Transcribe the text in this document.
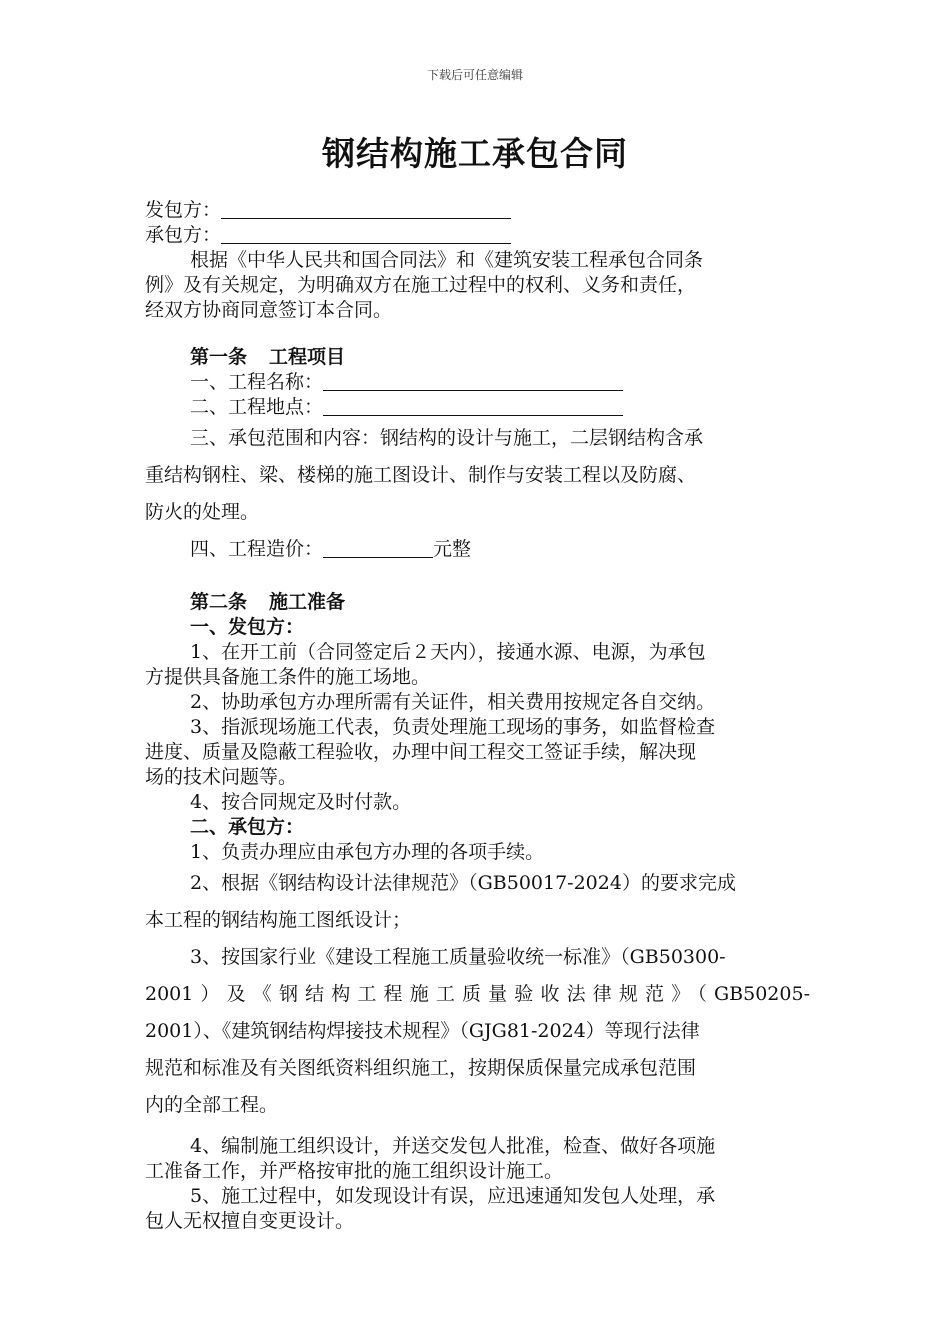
下载后可任意编辑
钢结构施工承包合同
发包方：
承包方：
根据《中华人民共和国合同法》和《建筑安装工程承包合同条
例》及有关规定，为明确双方在施工过程中的权利、义务和责任，
经双方协商同意签订本合同。
第一条 工程项目
一、工程名称：
二、工程地点：
三、承包范围和内容：钢结构的设计与施工，二层钢结构含承
重结构钢柱、梁、楼梯的施工图设计、制作与安装工程以及防腐、
防火的处理。
四、工程造价：	元整
第二条 施工准备
一、发包方：
1、在开工前（合同签定后２天内），接通水源、电源，为承包
方提供具备施工条件的施工场地。
2、协助承包方办理所需有关证件，相关费用按规定各自交纳。
3、指派现场施工代表，负责处理施工现场的事务，如监督检查
进度、质量及隐蔽工程验收，办理中间工程交工签证手续，解决现
场的技术问题等。
4、按合同规定及时付款。
二、承包方：
1、负责办理应由承包方办理的各项手续。
2、根据《钢结构设计法律规范》（GB50017-2024）的要求完成
本工程的钢结构施工图纸设计；
3、按国家行业《建设工程施工质量验收统一标准》（GB50300-
2001）及《钢结构工程施工质量验收法律规范》（GB50205-
2001）、《建筑钢结构焊接技术规程》（GJG81-2024）等现行法律
规范和标准及有关图纸资料组织施工，按期保质保量完成承包范围
内的全部工程。
4、编制施工组织设计，并送交发包人批准，检查、做好各项施
工准备工作，并严格按审批的施工组织设计施工。
5、施工过程中，如发现设计有误，应迅速通知发包人处理，承
包人无权擅自变更设计。
